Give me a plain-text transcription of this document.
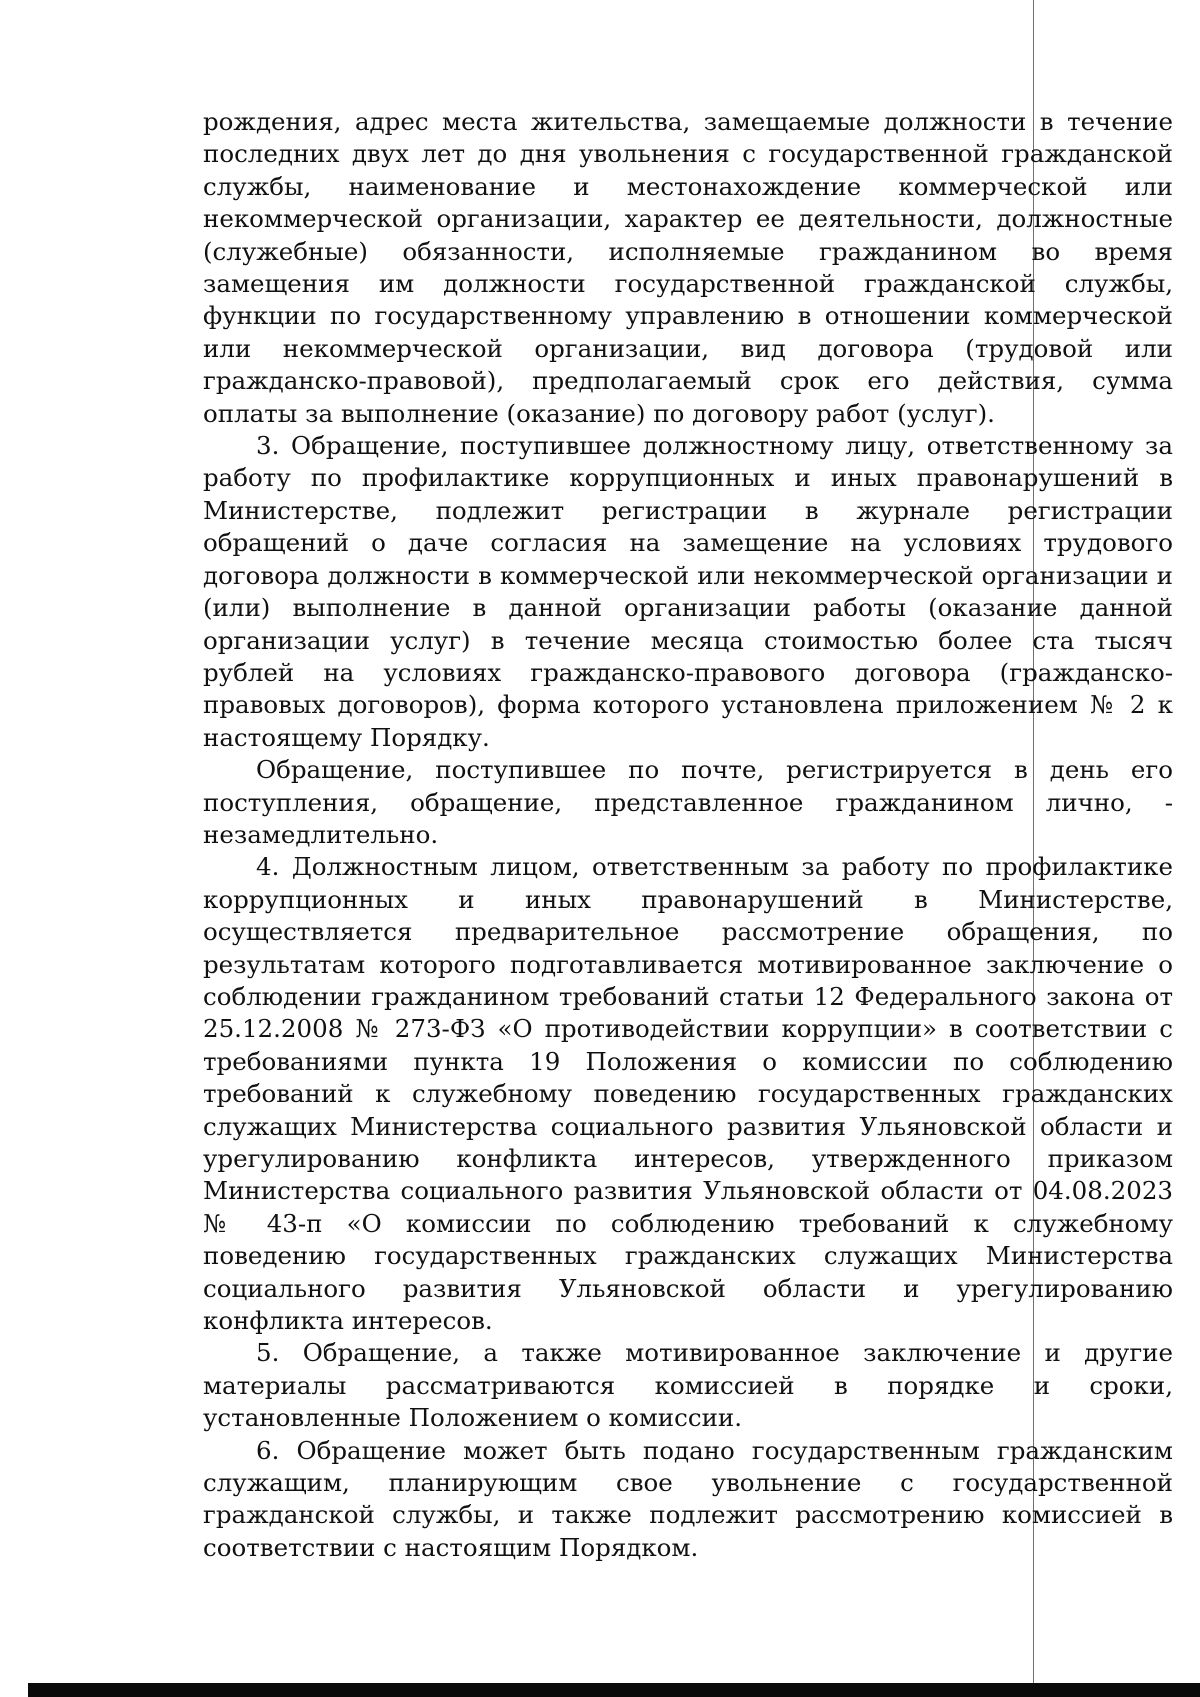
рождения, адрес места жительства, замещаемые должности в течение последних двух лет до дня увольнения с государственной гражданской службы, наименование и местонахождение коммерческой или некоммерческой организации, характер ее деятельности, должностные (служебные) обязанности, исполняемые гражданином во время замещения им должности государственной гражданской службы, функции по государственному управлению в отношении коммерческой или некоммерческой организации, вид договора (трудовой или гражданско-правовой), предполагаемый срок его действия, сумма оплаты за выполнение (оказание) по договору работ (услуг).

3. Обращение, поступившее должностному лицу, ответственному за работу по профилактике коррупционных и иных правонарушений в Министерстве, подлежит регистрации в журнале регистрации обращений о даче согласия на замещение на условиях трудового договора должности в коммерческой или некоммерческой организации и (или) выполнение в данной организации работы (оказание данной организации услуг) в течение месяца стоимостью более ста тысяч рублей на условиях гражданско-правового договора (гражданско-правовых договоров), форма которого установлена приложением № 2 к настоящему Порядку.

Обращение, поступившее по почте, регистрируется в день его поступления, обращение, представленное гражданином лично, - незамедлительно.

4. Должностным лицом, ответственным за работу по профилактике коррупционных и иных правонарушений в Министерстве, осуществляется предварительное рассмотрение обращения, по результатам которого подготавливается мотивированное заключение о соблюдении гражданином требований статьи 12 Федерального закона от 25.12.2008 № 273-ФЗ «О противодействии коррупции» в соответствии с требованиями пункта 19 Положения о комиссии по соблюдению требований к служебному поведению государственных гражданских служащих Министерства социального развития Ульяновской области и урегулированию конфликта интересов, утвержденного приказом Министерства социального развития Ульяновской области от 04.08.2023 № 43-п «О комиссии по соблюдению требований к служебному поведению государственных гражданских служащих Министерства социального развития Ульяновской области и урегулированию конфликта интересов.

5. Обращение, а также мотивированное заключение и другие материалы рассматриваются комиссией в порядке и сроки, установленные Положением о комиссии.

6. Обращение может быть подано государственным гражданским служащим, планирующим свое увольнение с государственной гражданской службы, и также подлежит рассмотрению комиссией в соответствии с настоящим Порядком.
